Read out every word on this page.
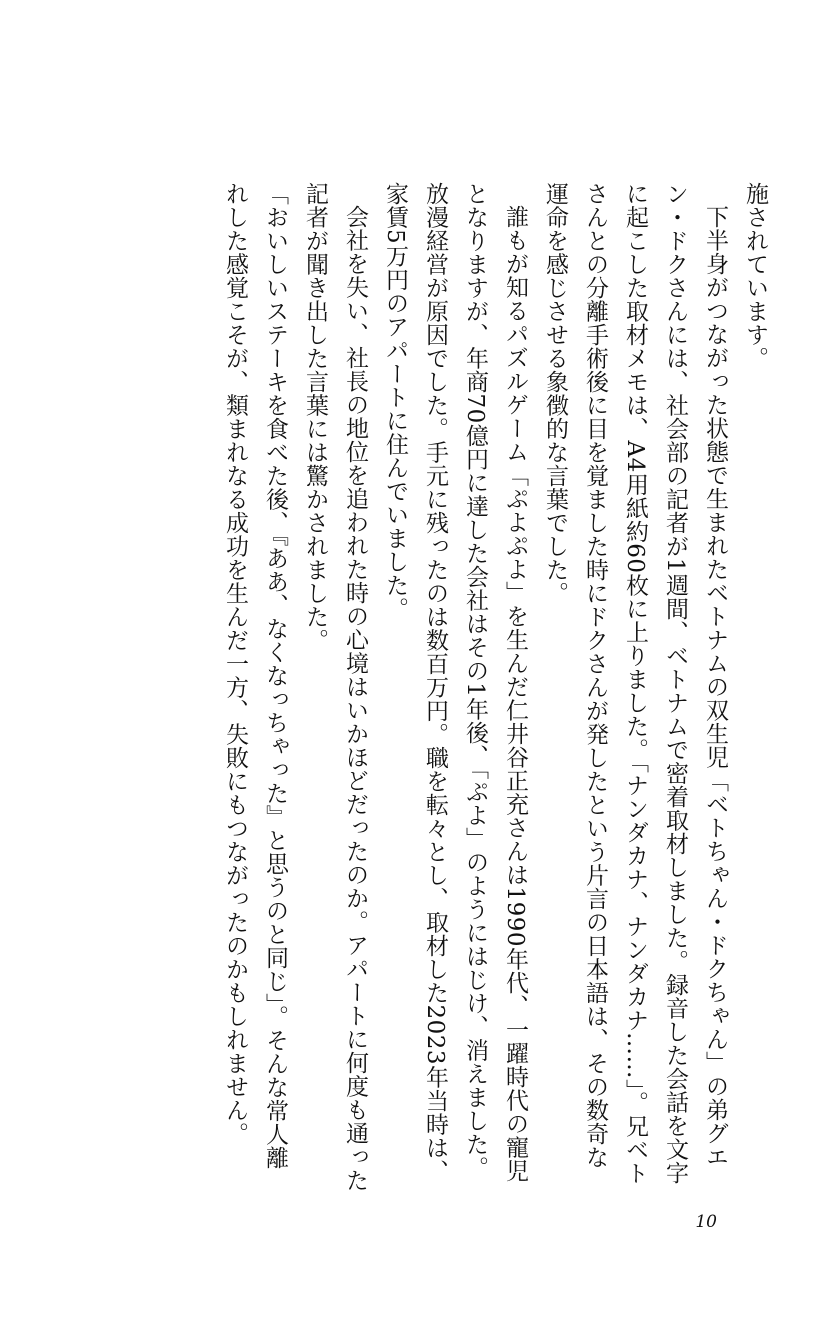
施されています。

下半身がつながった状態で生まれたベトナムの双生児「ベトちゃん・ドクちゃん」の弟グエン・ドクさんには、社会部の記者が1週間、ベトナムで密着取材しました。録音した会話を文字に起こした取材メモは、A4用紙約60枚に上りました。「ナンダカナ、ナンダカナ……」。兄ベトさんとの分離手術後に目を覚ました時にドクさんが発したという片言の日本語は、その数奇な運命を感じさせる象徴的な言葉でした。

誰もが知るパズルゲーム「ぷよぷよ」を生んだ仁井谷正充さんは1990年代、一躍時代の寵児となりますが、年商70億円に達した会社はその1年後、「ぷよ」のようにはじけ、消えました。放漫経営が原因でした。手元に残ったのは数百万円。職を転々とし、取材した2023年当時は、家賃5万円のアパートに住んでいました。

会社を失い、社長の地位を追われた時の心境はいかほどだったのか。アパートに何度も通った記者が聞き出した言葉には驚かされました。

「おいしいステーキを食べた後、『ああ、なくなっちゃった』と思うのと同じ」。そんな常人離れした感覚こそが、類まれなる成功を生んだ一方、失敗にもつながったのかもしれません。

10
